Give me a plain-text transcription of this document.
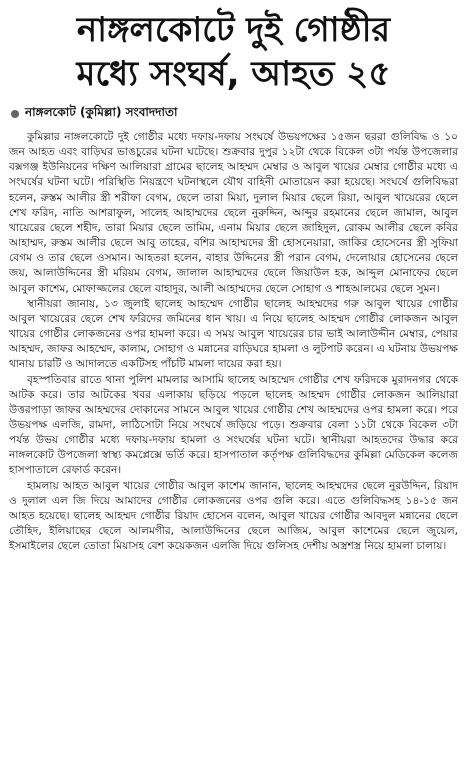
নাঙ্গলকোটে দুই গোষ্ঠীর
মধ্যে সংঘর্ষ, আহত ২৫
নাঙ্গলকোট (কুমিল্লা) সংবাদদাতা

কুমিল্লার নাঙ্গলকোটে দুই গোষ্ঠীর মধ্যে দফায়-দফায় সংঘর্ষে উভয়পক্ষের ১৫জন ছররা গুলিবিদ্ধ ও ১০ জন আহত এবং বাড়িঘর ভাঙচুরের ঘটনা ঘটেছে। শুক্রবার দুপুর ১২টা থেকে বিকেল ৩টা পর্যন্ত উপজেলার বক্সগঞ্জ ইউনিয়নের দক্ষিণ আলিয়ারা গ্রামের ছালেহ আহম্মদ মেম্বার ও আবুল খায়ের মেম্বার গোষ্ঠীর মধ্যে এ সংঘর্ষের ঘটনা ঘটে। পরিস্থিতি নিয়ন্ত্রণে ঘটনাস্থলে যৌথ বাহিনী মোতায়েন করা হয়েছে। সংঘর্ষে গুলিবিদ্ধরা হলেন, রুস্তম আলীর স্ত্রী শরীফা বেগম, ছেলে তারা মিয়া, দুলাল মিয়ার ছেলে রিয়া, আবুল খায়েরের ছেলে শেখ ফরিদ, নাতি আশরাফুল, সালেহ আহাম্মদের ছেলে নুরুদ্দিন, আব্দুর রহমানের ছেলে জামাল, আবুল খায়েরের ছেলে শহীদ, তারা মিয়ার ছেলে তামিম, এনাম মিয়ার ছেলে জাহিদুল, রোকম আলীর ছেলে কবির আহাম্মদ, রুস্তম আলীর ছেলে আবু তাহের, বশির আহাম্মদের স্ত্রী হোসনেয়ারা, জাকির হোসেনের স্ত্রী সুফিয়া বেগম ও তার ছেলে ওসমান। আহতরা হলেন, বাহার উদ্দিনের স্ত্রী পরান বেগম, দেলোয়ার হোসেনের ছেলে জয়, আলাউদ্দিনের স্ত্রী মরিয়ম বেগম, জালাল আহাম্মদের ছেলে জিয়াউল হক, আব্দুল মোনাফের ছেলে আবুল কাশেম, মোফাজ্জলের ছেলে বাহাদুর, আলী আহাম্মদের ছেলে সোহাগ ও শাহআলমের ছেলে সুমন।

স্থানীয়রা জানায়, ১৩ জুলাই ছালেহ আহম্মেদ গোষ্ঠীর ছালেহ আহম্মদের গরু আবুল খায়ের গোষ্ঠীর আবুল খায়েরের ছেলে শেখ ফরিদের জমিনের ধান খায়। এ নিয়ে ছালেহ আহম্মদ গোষ্ঠীর লোকজন আবুল খায়ের গোষ্ঠীর লোকজনের ওপর হামলা করে। এ সময় আবুল খায়েরের চার ভাই আলাউদ্দীন মেম্বার, পেয়ার আহম্মদ, জাফর আহম্মেদ, কালাম, সোহাগ ও মন্নানের বাড়িঘরে হামলা ও লুটপাট করেন। এ ঘটনায় উভয়পক্ষ থানায় চারটি ও আদালতে একটিসহ পাঁচটি মামলা দায়ের করা হয়।

বৃহস্পতিবার রাতে থানা পুলিশ মামলার আসামি ছালেহ আহম্মেদ গোষ্ঠীর শেখ ফরিদকে মুরাদনগর থেকে আটক করে। তার আটকের খবর এলাকায় ছড়িয়ে পড়লে ছালেহ আহম্মদ গোষ্ঠীর লোকজন আলিয়ারা উত্তরপাড়া জাফর আহম্মদের দোকানের সামনে আবুল খায়ের গোষ্ঠীর শেখ আহম্মদের ওপর হামলা করে। পরে উভয়পক্ষ এলজি, রামদা, লাঠিসোটা নিয়ে সংঘর্ষে জড়িয়ে পড়ে। শুক্রবার বেলা ১১টা থেকে বিকেল ৩টা পর্যন্ত উভয় গোষ্ঠীর মধ্যে দফায়-দফায় হামলা ও সংঘর্ষের ঘটনা ঘটে। স্থানীয়রা আহতদের উদ্ধার করে নাঙ্গলকোট উপজেলা স্বাস্থ্য কমপ্লেক্সে ভর্তি করে। হাসপাতাল কর্তৃপক্ষ গুলিবিদ্ধদের কুমিল্লা মেডিকেল কলেজ হাসপাতালে রেফার্ড করেন।

হামলায় আহত আবুল খায়ের গোষ্ঠীর আবুল কাশেম জানান, ছালেহ আহম্মদের ছেলে নুরউদ্দিন, রিয়াদ ও দুলাল এল জি দিয়ে আমাদের গোষ্ঠীর লোকজনের ওপর গুলি করে। এতে গুলিবিদ্ধসহ ১৪-১৫ জন আহত হয়েছে। ছালেহ আহম্মদ গোষ্ঠীর রিয়াদ হোসেন বলেন, আবুল খায়ের গোষ্ঠীর আবদুল মন্নানের ছেলে তৌহিদ, ইলিয়াছের ছেলে আলমগীর, আলাউদ্দিনের ছেলে আজিম, আবুল কাশেমের ছেলে জুয়েল, ইসমাইলের ছেলে তোতা মিয়াসহ বেশ কয়েকজন এলজি দিয়ে গুলিসহ দেশীয় অস্ত্রশস্ত্র নিয়ে হামলা চালায়।
